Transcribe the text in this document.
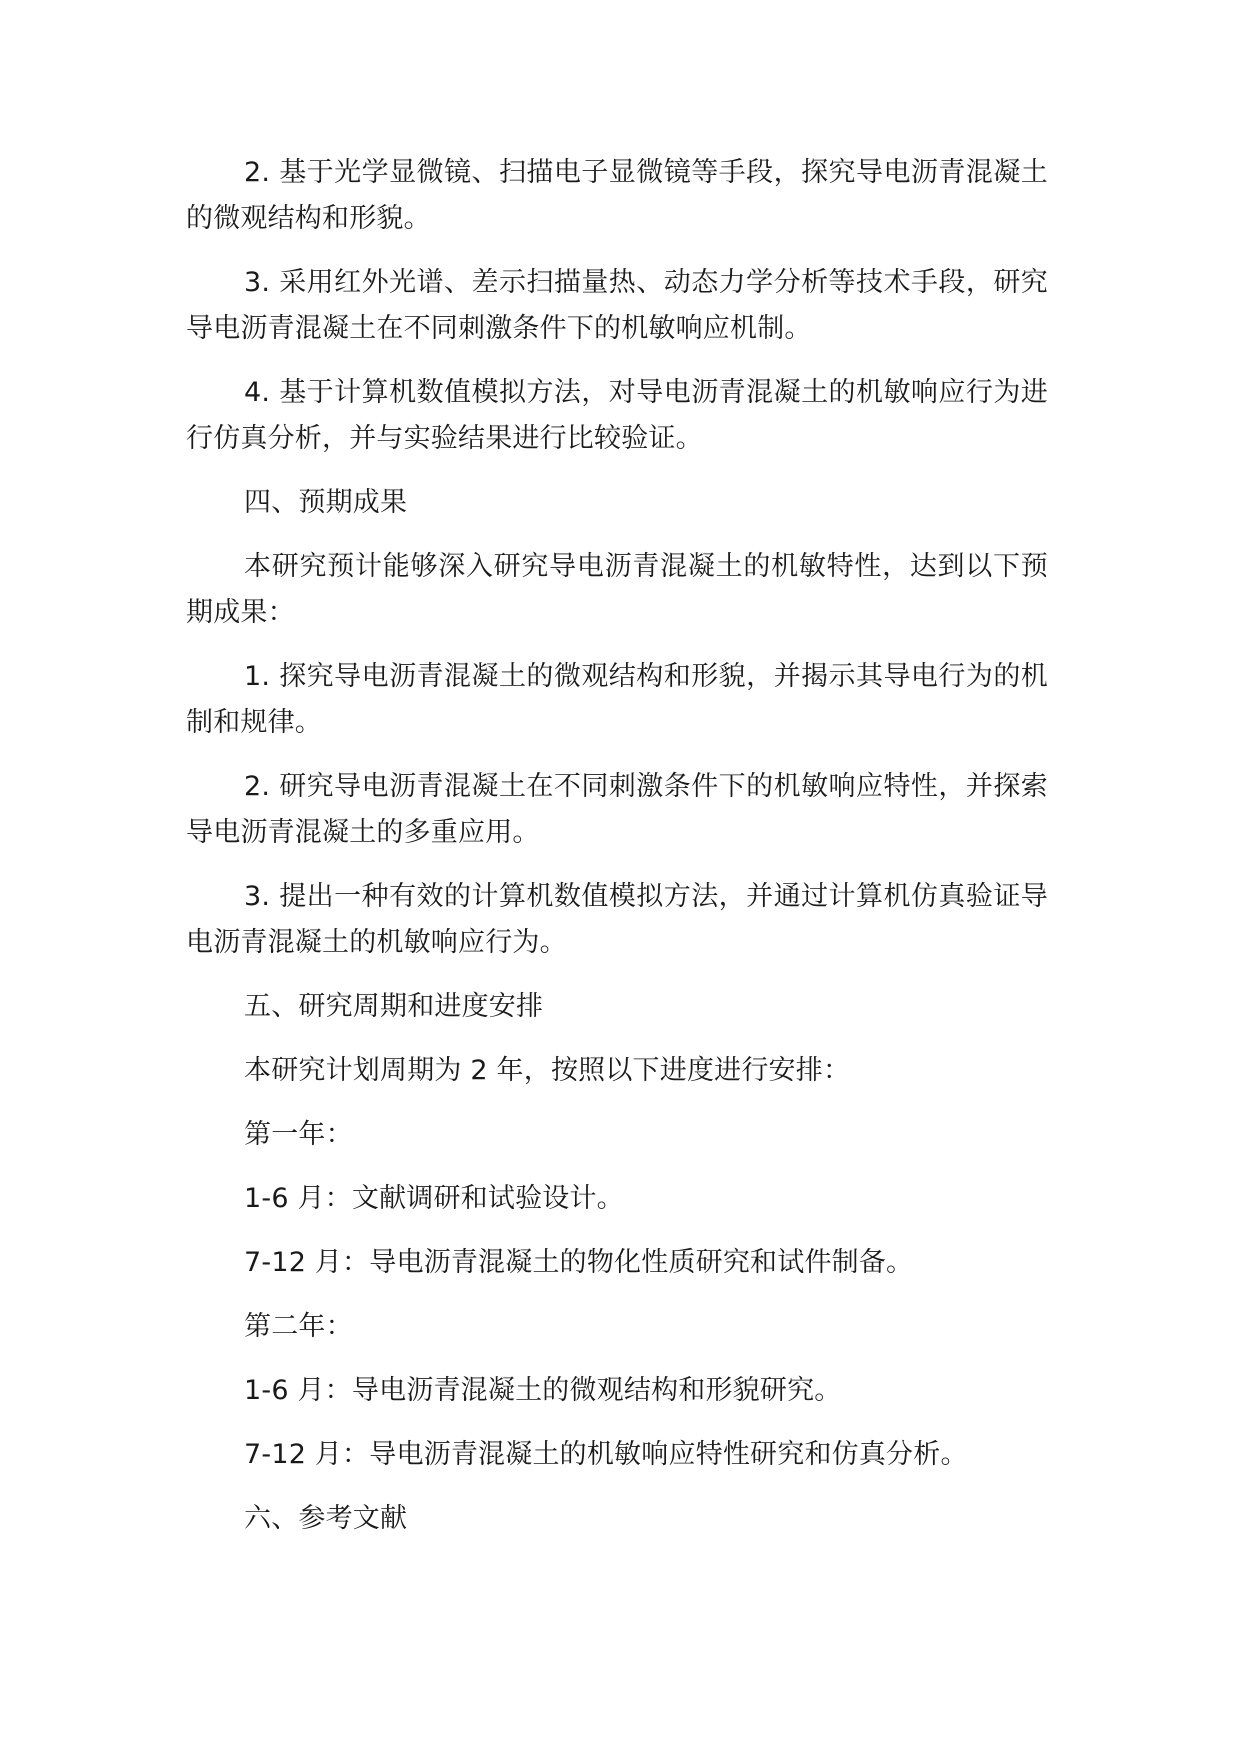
2. 基于光学显微镜、扫描电子显微镜等手段，探究导电沥青混凝土的微观结构和形貌。

3. 采用红外光谱、差示扫描量热、动态力学分析等技术手段，研究导电沥青混凝土在不同刺激条件下的机敏响应机制。

4. 基于计算机数值模拟方法，对导电沥青混凝土的机敏响应行为进行仿真分析，并与实验结果进行比较验证。

四、预期成果

本研究预计能够深入研究导电沥青混凝土的机敏特性，达到以下预期成果：

1. 探究导电沥青混凝土的微观结构和形貌，并揭示其导电行为的机制和规律。

2. 研究导电沥青混凝土在不同刺激条件下的机敏响应特性，并探索导电沥青混凝土的多重应用。

3. 提出一种有效的计算机数值模拟方法，并通过计算机仿真验证导电沥青混凝土的机敏响应行为。

五、研究周期和进度安排

本研究计划周期为 2 年，按照以下进度进行安排：

第一年：

1-6 月：文献调研和试验设计。

7-12 月：导电沥青混凝土的物化性质研究和试件制备。

第二年：

1-6 月：导电沥青混凝土的微观结构和形貌研究。

7-12 月：导电沥青混凝土的机敏响应特性研究和仿真分析。

六、参考文献
